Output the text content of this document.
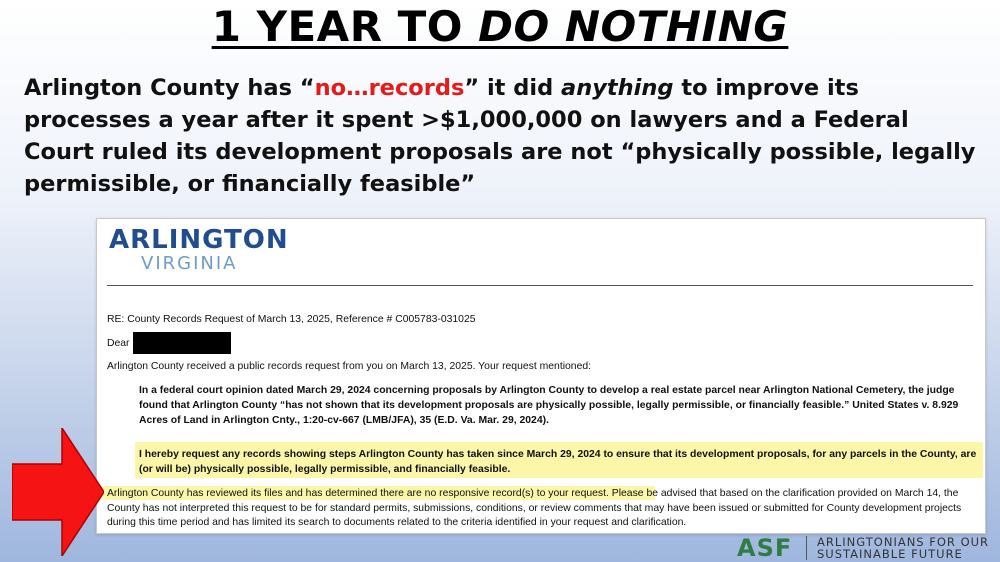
1 YEAR TO DO NOTHING
Arlington County has “no…records” it did anything to improve its processes a year after it spent >$1,000,000 on lawyers and a Federal Court ruled its development proposals are not “physically possible, legally permissible, or financially feasible”
ARLINGTON
VIRGINIA
RE: County Records Request of March 13, 2025, Reference # C005783-031025
Dear
Arlington County received a public records request from you on March 13, 2025. Your request mentioned:
In a federal court opinion dated March 29, 2024 concerning proposals by Arlington County to develop a real estate parcel near Arlington National Cemetery, the judge found that Arlington County “has not shown that its development proposals are physically possible, legally permissible, or financially feasible.” United States v. 8.929 Acres of Land in Arlington Cnty., 1:20-cv-667 (LMB/JFA), 35 (E.D. Va. Mar. 29, 2024).
I hereby request any records showing steps Arlington County has taken since March 29, 2024 to ensure that its development proposals, for any parcels in the County, are (or will be) physically possible, legally permissible, and financially feasible.
Arlington County has reviewed its files and has determined there are no responsive record(s) to your request. Please be advised that based on the clarification provided on March 14, the County has not interpreted this request to be for standard permits, submissions, conditions, or review comments that may have been issued or submitted for County development projects during this time period and has limited its search to documents related to the criteria identified in your request and clarification.
ASF ARLINGTONIANS FOR OUR
SUSTAINABLE FUTURE
